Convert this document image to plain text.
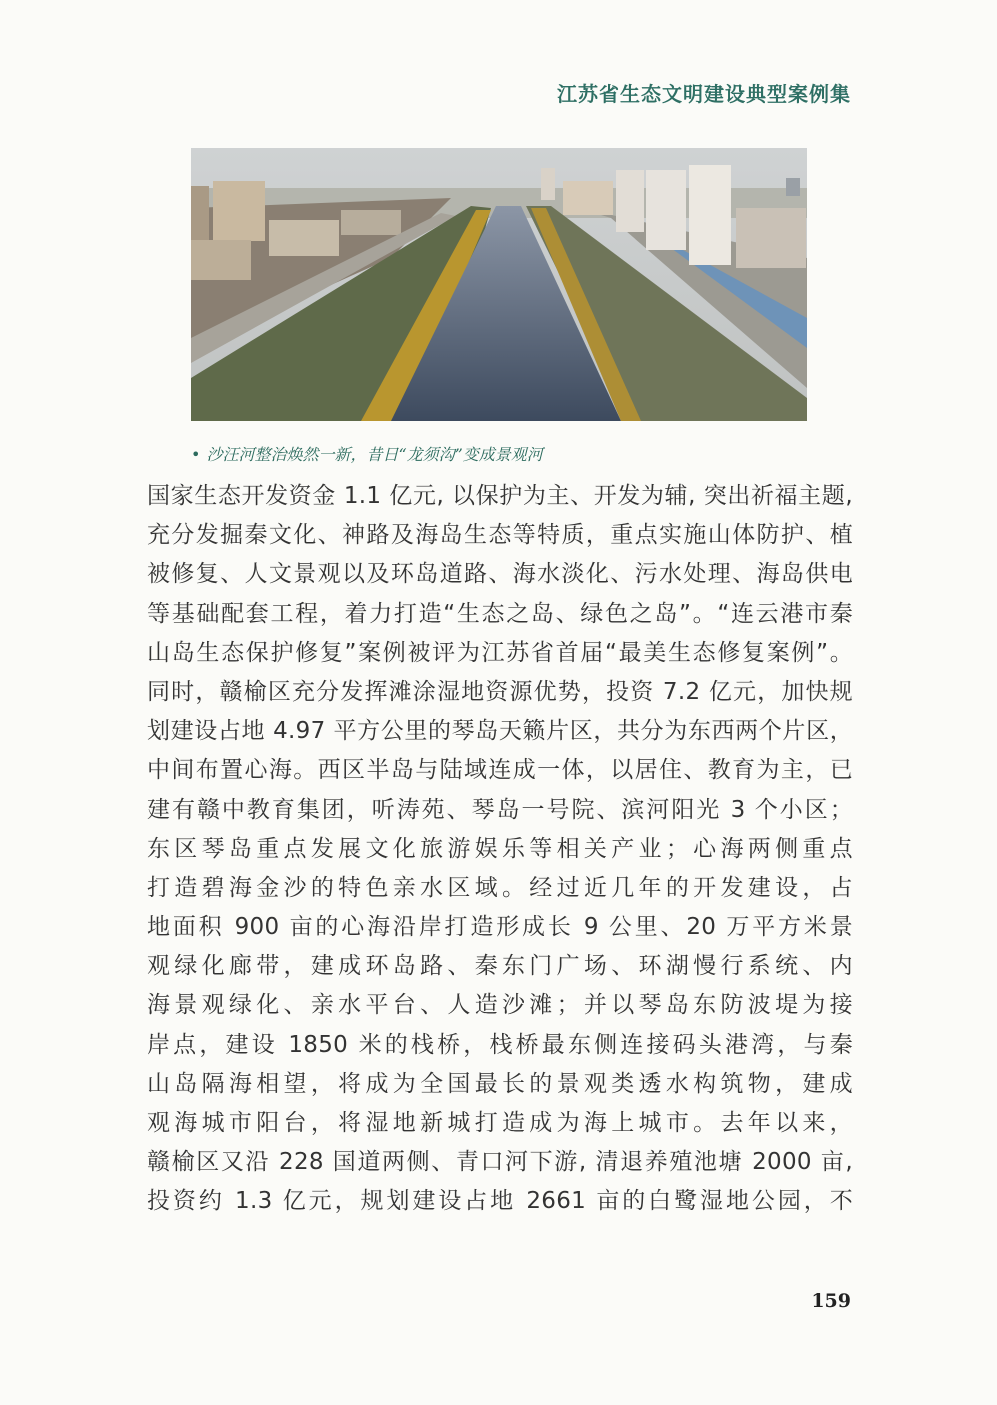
江苏省生态文明建设典型案例集
• 沙汪河整治焕然一新，昔日“龙须沟”变成景观河
国家生态开发资金 1.1 亿元, 以保护为主、开发为辅, 突出祈福主题,
充分发掘秦文化、神路及海岛生态等特质，重点实施山体防护、植
被修复、人文景观以及环岛道路、海水淡化、污水处理、海岛供电
等基础配套工程，着力打造“生态之岛、绿色之岛”。“连云港市秦
山岛生态保护修复”案例被评为江苏省首届“最美生态修复案例”。
同时，赣榆区充分发挥滩涂湿地资源优势，投资 7.2 亿元，加快规
划建设占地 4.97 平方公里的琴岛天籁片区，共分为东西两个片区，
中间布置心海。西区半岛与陆域连成一体，以居住、教育为主，已
建有赣中教育集团，听涛苑、琴岛一号院、滨河阳光 3 个小区；
东区琴岛重点发展文化旅游娱乐等相关产业；心海两侧重点
打造碧海金沙的特色亲水区域。经过近几年的开发建设，占
地面积 900 亩的心海沿岸打造形成长 9 公里、20 万平方米景
观绿化廊带，建成环岛路、秦东门广场、环湖慢行系统、内
海景观绿化、亲水平台、人造沙滩；并以琴岛东防波堤为接
岸点，建设 1850 米的栈桥，栈桥最东侧连接码头港湾，与秦
山岛隔海相望，将成为全国最长的景观类透水构筑物，建成
观海城市阳台，将湿地新城打造成为海上城市。去年以来，
赣榆区又沿 228 国道两侧、青口河下游, 清退养殖池塘 2000 亩,
投资约 1.3 亿元，规划建设占地 2661 亩的白鹭湿地公园，不
159
